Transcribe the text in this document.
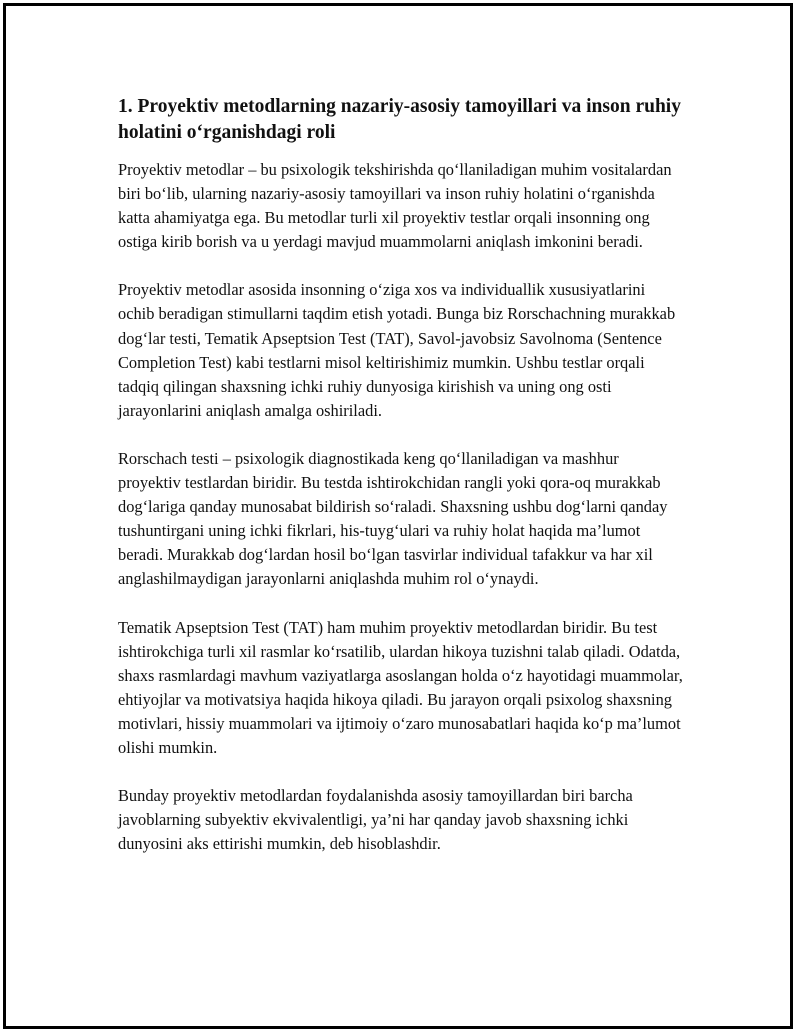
1. Proyektiv metodlarning nazariy-asosiy tamoyillari va inson ruhiy holatini o‘rganishdagi roli

Proyektiv metodlar – bu psixologik tekshirishda qo‘llaniladigan muhim vositalardan biri bo‘lib, ularning nazariy-asosiy tamoyillari va inson ruhiy holatini o‘rganishda katta ahamiyatga ega. Bu metodlar turli xil proyektiv testlar orqali insonning ong ostiga kirib borish va u yerdagi mavjud muammolarni aniqlash imkonini beradi.

Proyektiv metodlar asosida insonning o‘ziga xos va individuallik xususiyatlarini ochib beradigan stimullarni taqdim etish yotadi. Bunga biz Rorschachning murakkab dog‘lar testi, Tematik Apseptsion Test (TAT), Savol-javobsiz Savolnoma (Sentence Completion Test) kabi testlarni misol keltirishimiz mumkin. Ushbu testlar orqali tadqiq qilingan shaxsning ichki ruhiy dunyosiga kirishish va uning ong osti jarayonlarini aniqlash amalga oshiriladi.

Rorschach testi – psixologik diagnostikada keng qo‘llaniladigan va mashhur proyektiv testlardan biridir. Bu testda ishtirokchidan rangli yoki qora-oq murakkab dog‘lariga qanday munosabat bildirish so‘raladi. Shaxsning ushbu dog‘larni qanday tushuntirgani uning ichki fikrlari, his-tuyg‘ulari va ruhiy holat haqida ma’lumot beradi. Murakkab dog‘lardan hosil bo‘lgan tasvirlar individual tafakkur va har xil anglashilmaydigan jarayonlarni aniqlashda muhim rol o‘ynaydi.

Tematik Apseptsion Test (TAT) ham muhim proyektiv metodlardan biridir. Bu test ishtirokchiga turli xil rasmlar ko‘rsatilib, ulardan hikoya tuzishni talab qiladi. Odatda, shaxs rasmlardagi mavhum vaziyatlarga asoslangan holda o‘z hayotidagi muammolar, ehtiyojlar va motivatsiya haqida hikoya qiladi. Bu jarayon orqali psixolog shaxsning motivlari, hissiy muammolari va ijtimoiy o‘zaro munosabatlari haqida ko‘p ma’lumot olishi mumkin.

Bunday proyektiv metodlardan foydalanishda asosiy tamoyillardan biri barcha javoblarning subyektiv ekvivalentligi, ya’ni har qanday javob shaxsning ichki dunyosini aks ettirishi mumkin, deb hisoblashdir.
